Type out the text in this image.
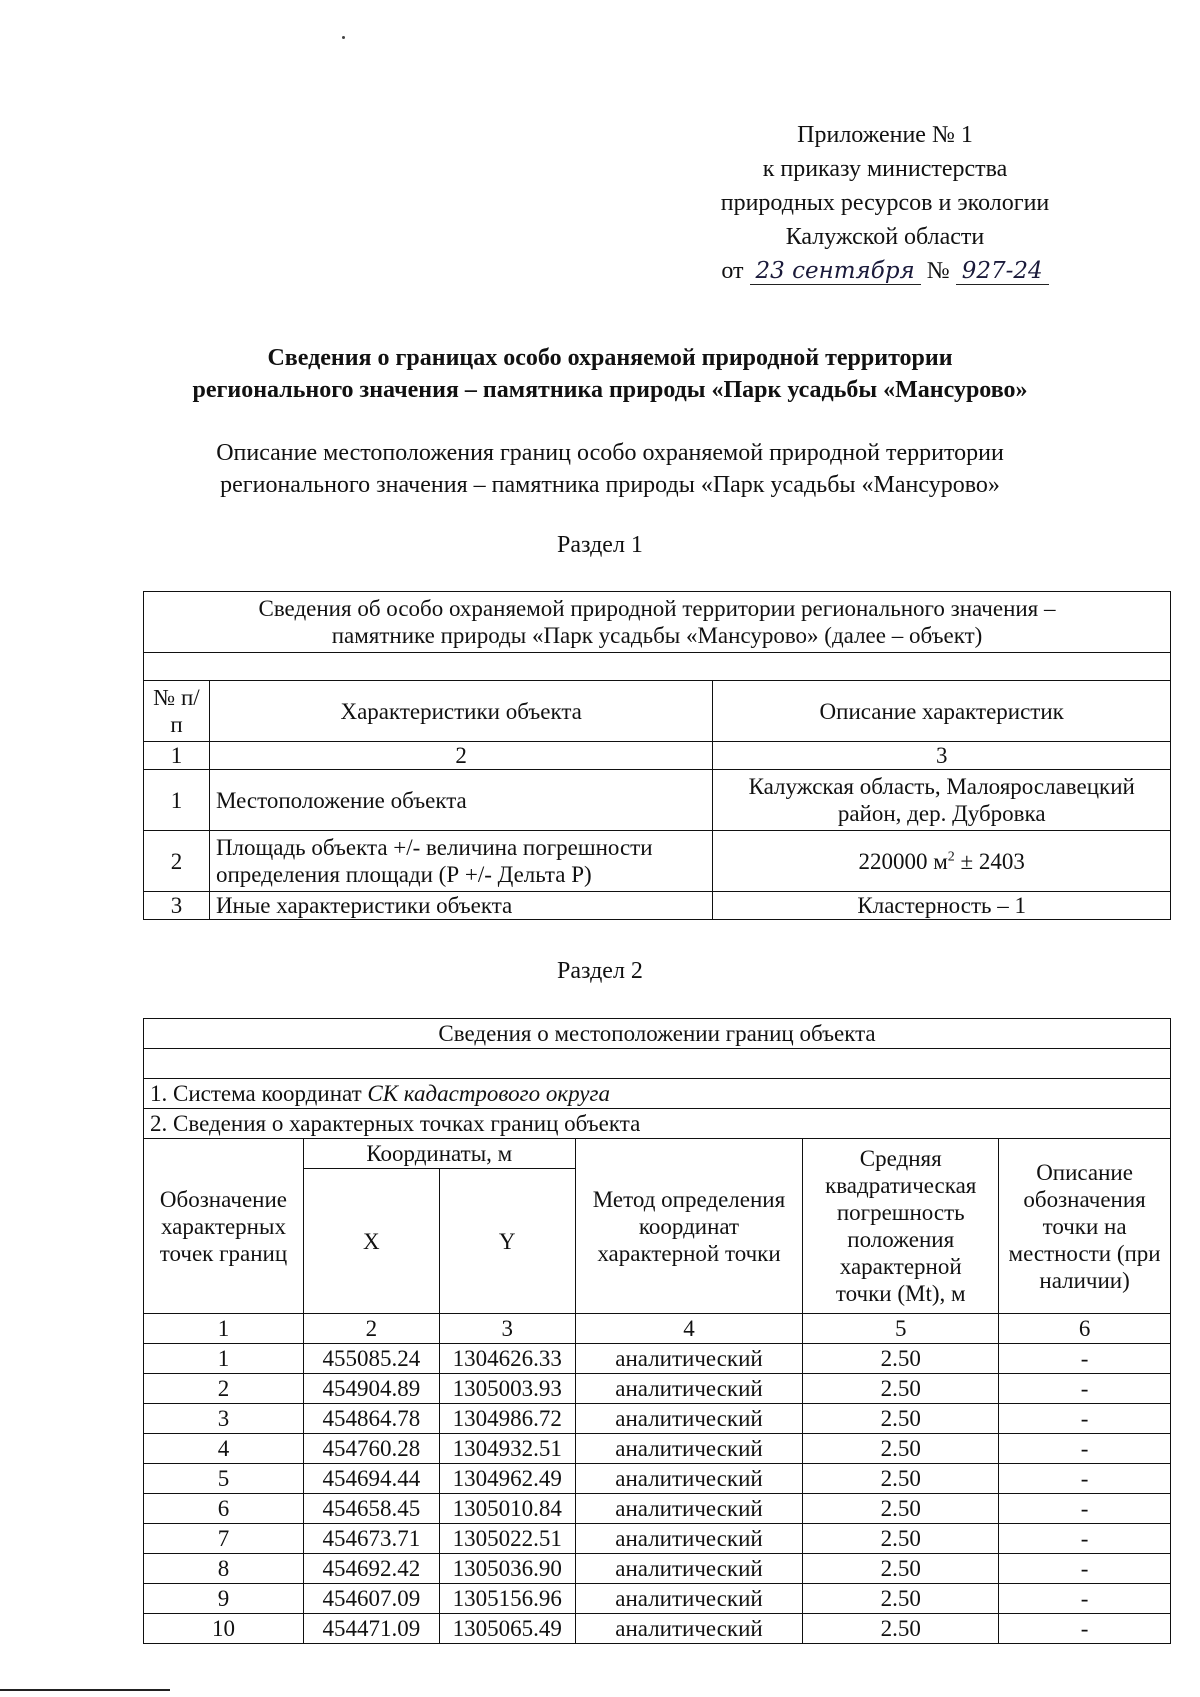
Приложение № 1
к приказу министерства
природных ресурсов и экологии
Калужской области
от 23 сентября № 927-24
Сведения о границах особо охраняемой природной территории
регионального значения – памятника природы «Парк усадьбы «Мансурово»
Описание местоположения границ особо охраняемой природной территории
регионального значения – памятника природы «Парк усадьбы «Мансурово»
Раздел 1
Сведения об особо охраняемой природной территории регионального значения –
памятнике природы «Парк усадьбы «Мансурово» (далее – объект)		

№ п/п	Характеристики объекта	Описание характеристик
1	2	3
1	Местоположение объекта	Калужская область, Малоярославецкий район, дер. Дубровка
2	Площадь объекта +/- величина погрешности определения площади (Р +/- Дельта Р)	220000 $м^2 \pm 2403$
3	Иные характеристики объекта	Кластерность – 1
Раздел 2
Сведения о местоположении границ объекта					

1. Система координат СК кадастрового округа					
2. Сведения о характерных точках границ объекта					
Обозначение характерных точек границ	Координаты, м		Метод определения координат характерной точки	Средняя квадратическая погрешность положения характерной точки (Mt), м	Описание обозначения точки на местности (при наличии)
	X	Y			
1	2	3	4	5	6
1	455085.24	1304626.33	аналитический	2.50	-
2	454904.89	1305003.93	аналитический	2.50	-
3	454864.78	1304986.72	аналитический	2.50	-
4	454760.28	1304932.51	аналитический	2.50	-
5	454694.44	1304962.49	аналитический	2.50	-
6	454658.45	1305010.84	аналитический	2.50	-
7	454673.71	1305022.51	аналитический	2.50	-
8	454692.42	1305036.90	аналитический	2.50	-
9	454607.09	1305156.96	аналитический	2.50	-
10	454471.09	1305065.49	аналитический	2.50	-
